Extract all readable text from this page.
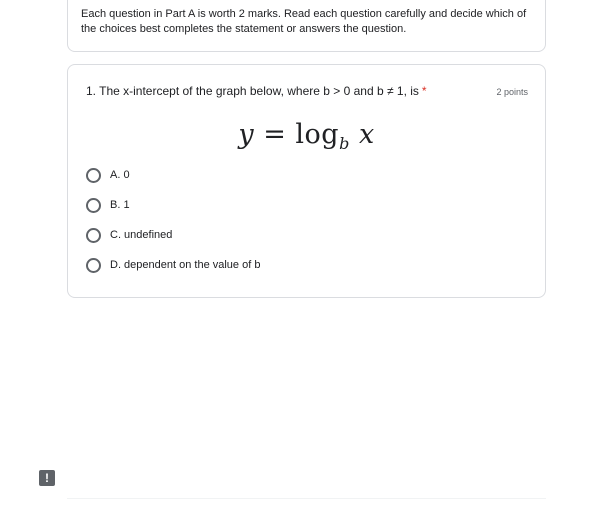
Each question in Part A is worth 2 marks. Read each question carefully and decide which of the choices best completes the statement or answers the question.
1. The x-intercept of the graph below, where b > 0 and b ≠ 1, is *	2 points
$y = \log_b x$
A. 0
B. 1
C. undefined
D. dependent on the value of b
!
